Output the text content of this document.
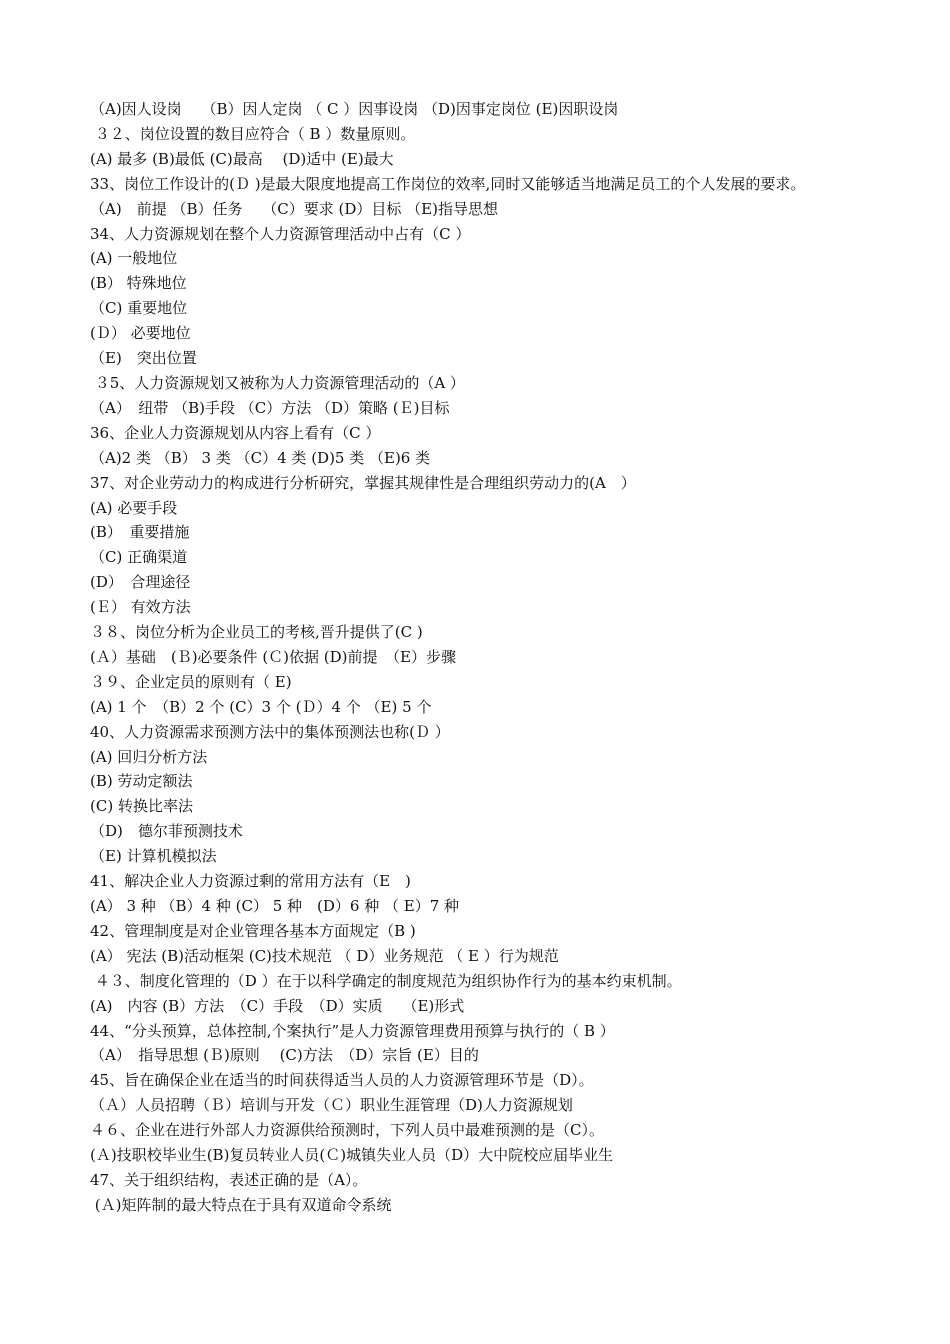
（A)因人设岗　 （B）因人定岗 （ C ）因事设岗 （D)因事定岗位 (E)因职设岗
３２、岗位设置的数目应符合（ B ）数量原则。
(A) 最多 (B)最低 (C)最高　 (D)适中 (E)最大
33、岗位工作设计的(Ｄ )是最大限度地提高工作岗位的效率,同时又能够适当地满足员工的个人发展的要求。
（A)　前提 （B）任务　 （C）要求 (D）目标 （E)指导思想
34、人力资源规划在整个人力资源管理活动中占有（C ）
(A) 一般地位
(B） 特殊地位
（C) 重要地位
(Ｄ） 必要地位
（E)　突出位置
３5、人力资源规划又被称为人力资源管理活动的（A ）
（A）　纽带 （B)手段 （C）方法 （D）策略 (Ｅ)目标
36、企业人力资源规划从内容上看有（C ）
（A)2 类 （B） 3 类 （C）4 类 (D)5 类 （E)6 类
37、对企业劳动力的构成进行分析研究，掌握其规律性是合理组织劳动力的(A　）
(A) 必要手段
(B）　重要措施
（C) 正确渠道
(D）　合理途径
(Ｅ） 有效方法
３８、岗位分析为企业员工的考核,晋升提供了(C )
(Ａ）基础　(Ｂ)必要条件 (Ｃ)依据 (D)前提　（E）步骤
３９、企业定员的原则有（ E)
(A) 1 个　（B）2 个 (C）3 个 (Ｄ）4 个 （E) 5 个
40、人力资源需求预测方法中的集体预测法也称(Ｄ ）
(A) 回归分析方法
(B) 劳动定额法
(C) 转换比率法
（D)　德尔菲预测技术
（E) 计算机模拟法
41、解决企业人力资源过剩的常用方法有（E　)
(A） 3 种 （B）4 种 (C） 5 种　(D）6 种 （ E）7 种
42、管理制度是对企业管理各基本方面规定（B )
(A） 宪法 (B)活动框架 (C)技术规范 （ D）业务规范 （ E ）行为规范
４３、制度化管理的（D ）在于以科学确定的制度规范为组织协作行为的基本约束机制。
(A)　内容 (B）方法　（C）手段　（D）实质　 （E)形式
44、“分头预算，总体控制,个案执行”是人力资源管理费用预算与执行的（ B ）
（A）　指导思想 (Ｂ)原则　 (C)方法　（D）宗旨 (E）目的
45、旨在确保企业在适当的时间获得适当人员的人力资源管理环节是（D）。
（Ａ）人员招聘（Ｂ）培训与开发（Ｃ）职业生涯管理（D)人力资源规划
４６、企业在进行外部人力资源供给预测时，下列人员中最难预测的是（C）。
(Ａ)技职校毕业生(B)复员转业人员(Ｃ)城镇失业人员（D）大中院校应届毕业生
47、关于组织结构，表述正确的是（A）。
(Ａ)矩阵制的最大特点在于具有双道命令系统
